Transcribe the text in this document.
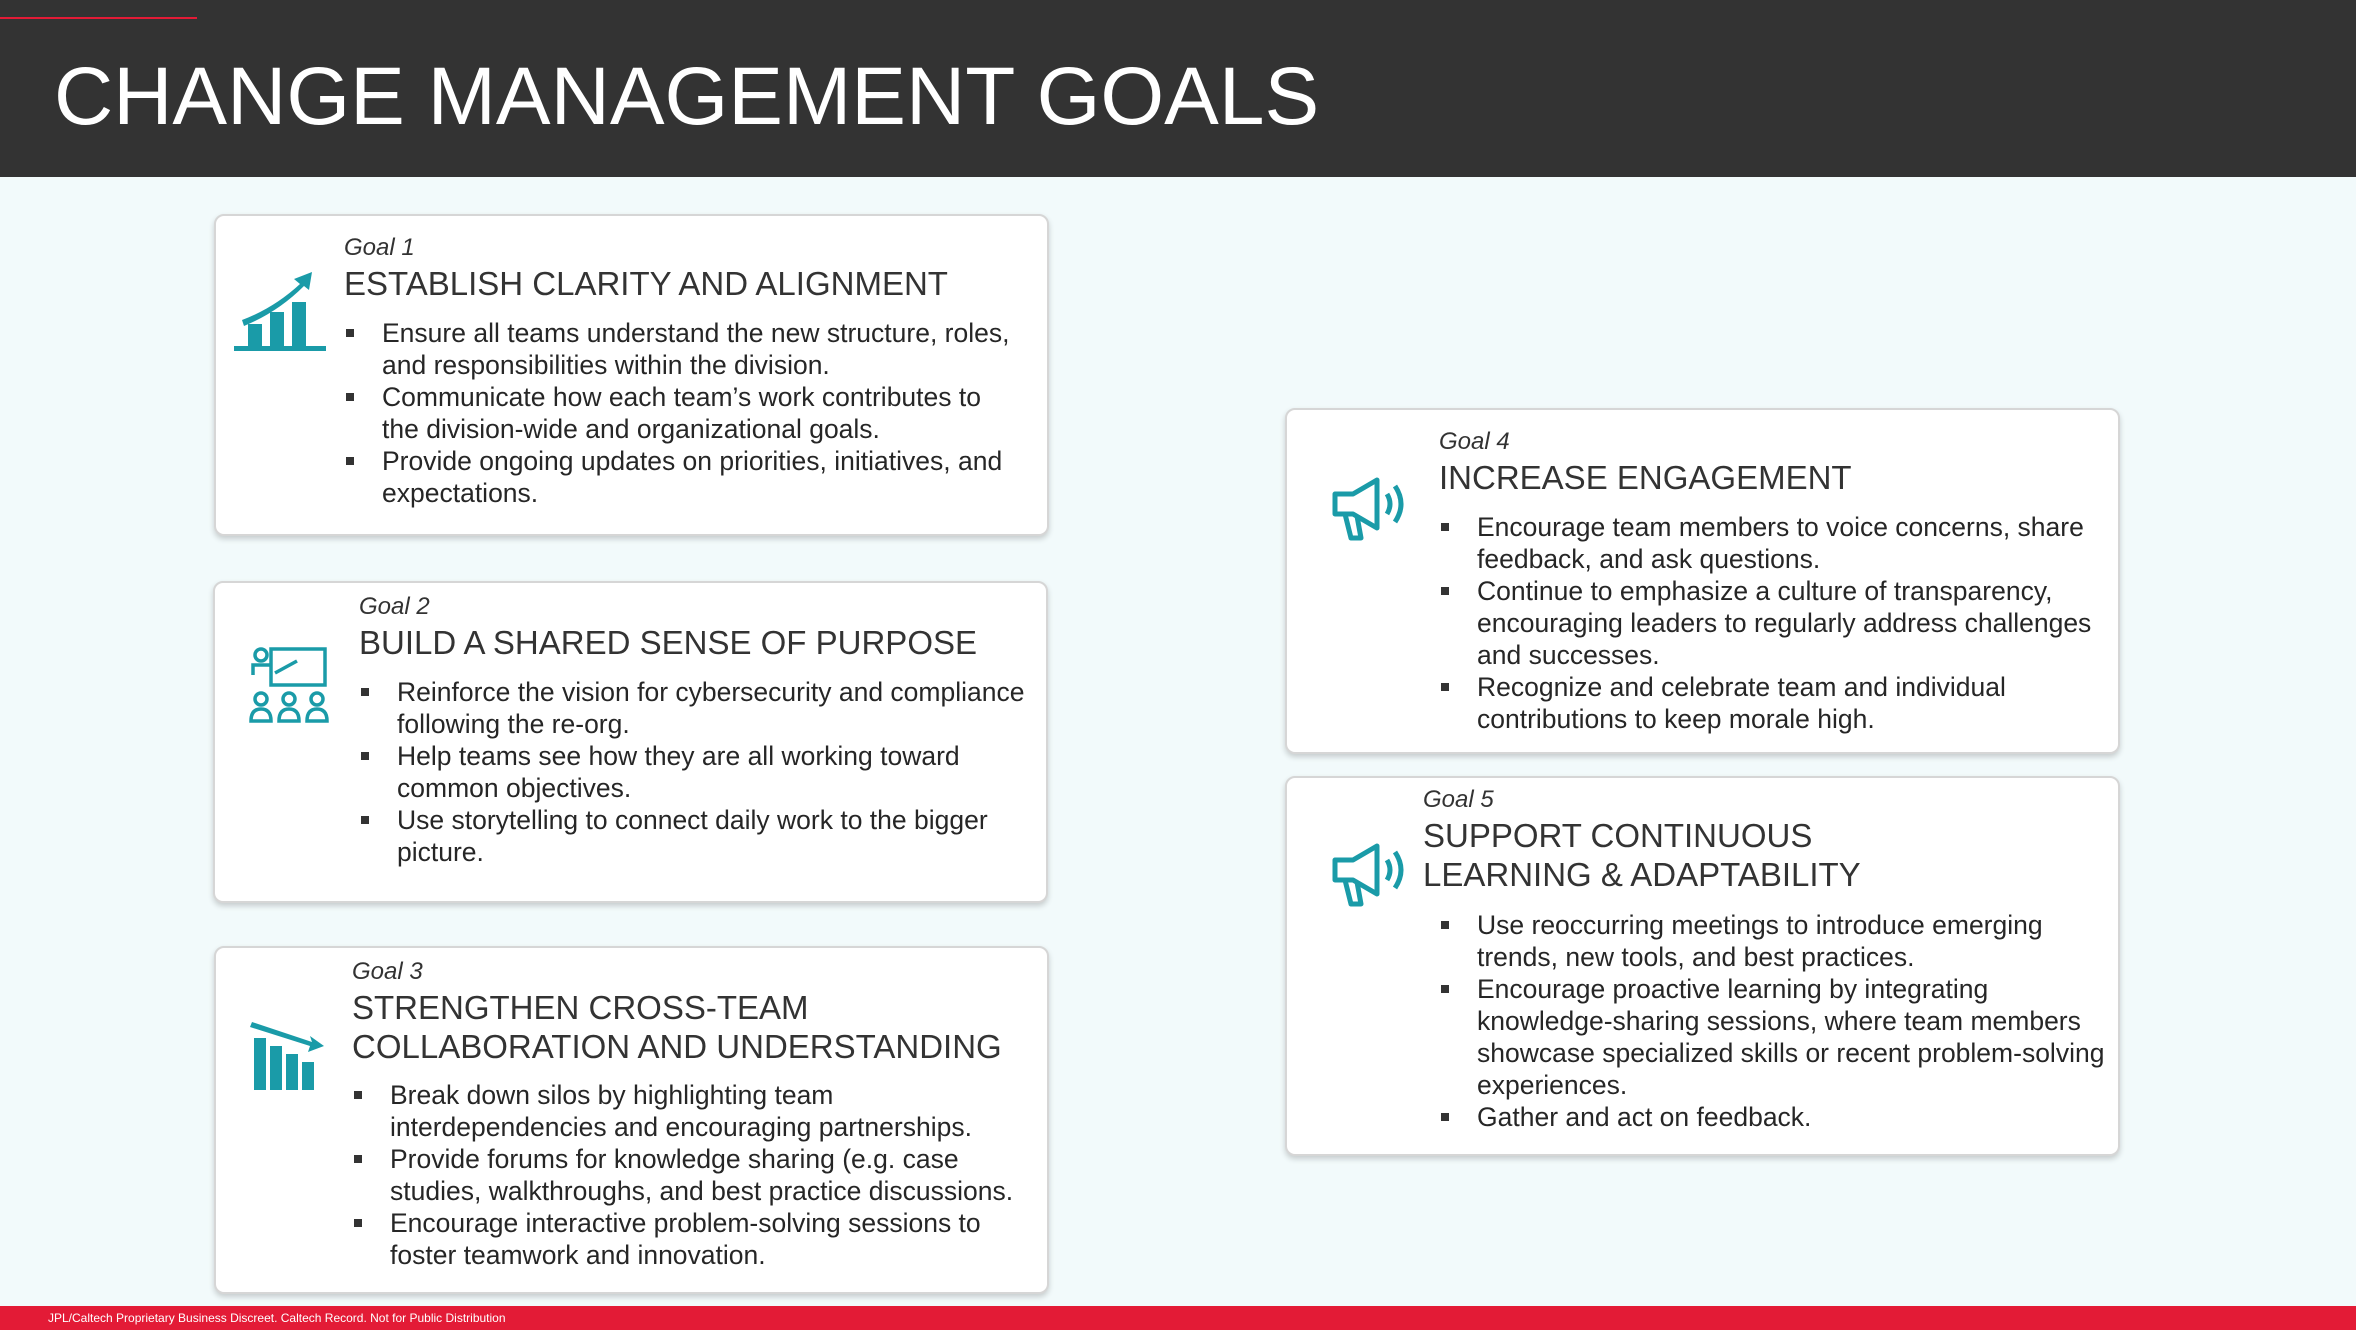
CHANGE MANAGEMENT GOALS
Goal 1
ESTABLISH CLARITY AND ALIGNMENT
Ensure all teams understand the new structure, roles, and responsibilities within the division.
Communicate how each team’s work contributes to the division-wide and organizational goals.
Provide ongoing updates on priorities, initiatives, and expectations.
Goal 2
BUILD A SHARED SENSE OF PURPOSE
Reinforce the vision for cybersecurity and compliance following the re-org.
Help teams see how they are all working toward common objectives.
Use storytelling to connect daily work to the bigger picture.
Goal 3
STRENGTHEN CROSS-TEAM COLLABORATION AND UNDERSTANDING
Break down silos by highlighting team interdependencies and encouraging partnerships.
Provide forums for knowledge sharing (e.g. case studies, walkthroughs, and best practice discussions.
Encourage interactive problem-solving sessions to foster teamwork and innovation.
Goal 4
INCREASE ENGAGEMENT
Encourage team members to voice concerns, share feedback, and ask questions.
Continue to emphasize a culture of transparency, encouraging leaders to regularly address challenges and successes.
Recognize and celebrate team and individual contributions to keep morale high.
Goal 5
SUPPORT CONTINUOUS LEARNING & ADAPTABILITY
Use reoccurring meetings to introduce emerging trends, new tools, and best practices.
Encourage proactive learning by integrating knowledge-sharing sessions, where team members showcase specialized skills or recent problem-solving experiences.
Gather and act on feedback.
JPL/Caltech Proprietary Business Discreet. Caltech Record. Not for Public Distribution
